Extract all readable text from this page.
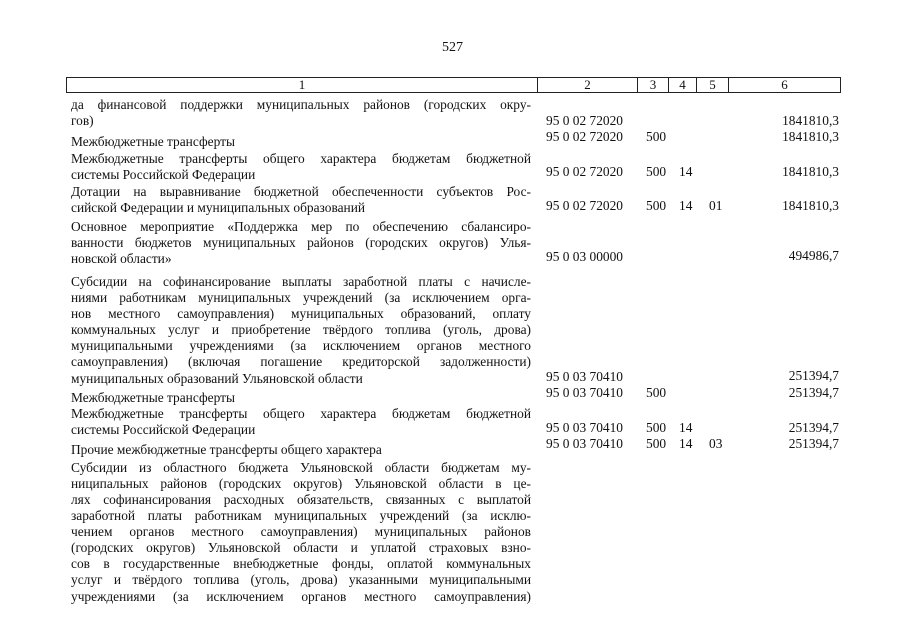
527
1	2	3	4	5	6
да финансовой поддержки муниципальных районов (городских окру-
гов)	95 0 02 72020	1841810,3
Межбюджетные трансферты	95 0 02 72020 500	1841810,3
Межбюджетные трансферты общего характера бюджетам бюджетной
системы Российской Федерации	95 0 02 72020 500 14	1841810,3
Дотации на выравнивание бюджетной обеспеченности субъектов Рос-
сийской Федерации и муниципальных образований	95 0 02 72020 500 14 01	1841810,3
Основное мероприятие «Поддержка мер по обеспечению сбалансиро-
ванности бюджетов муниципальных районов (городских округов) Улья-
новской области»	95 0 03 00000	494986,7
Субсидии на софинансирование выплаты заработной платы с начисле-
ниями работникам муниципальных учреждений (за исключением орга-
нов местного самоуправления) муниципальных образований, оплату
коммунальных услуг и приобретение твёрдого топлива (уголь, дрова)
муниципальными учреждениями (за исключением органов местного
самоуправления) (включая погашение кредиторской задолженности)
муниципальных образований Ульяновской области	95 0 03 70410	251394,7
Межбюджетные трансферты	95 0 03 70410 500	251394,7
Межбюджетные трансферты общего характера бюджетам бюджетной
системы Российской Федерации	95 0 03 70410 500 14	251394,7
Прочие межбюджетные трансферты общего характера	95 0 03 70410 500 14 03	251394,7
Субсидии из областного бюджета Ульяновской области бюджетам му-
ниципальных районов (городских округов) Ульяновской области в це-
лях софинансирования расходных обязательств, связанных с выплатой
заработной платы работникам муниципальных учреждений (за исклю-
чением органов местного самоуправления) муниципальных районов
(городских округов) Ульяновской области и уплатой страховых взно-
сов в государственные внебюджетные фонды, оплатой коммунальных
услуг и твёрдого топлива (уголь, дрова) указанными муниципальными
учреждениями (за исключением органов местного самоуправления)
